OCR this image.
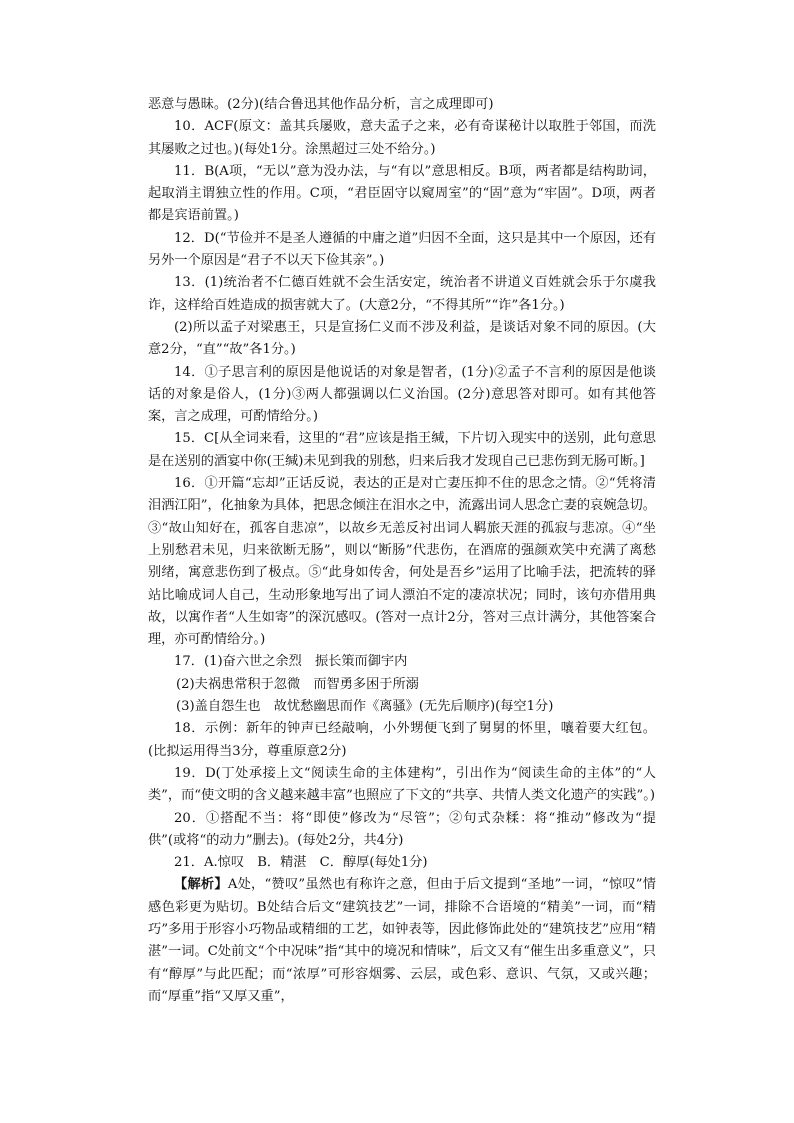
恶意与愚昧。(2分)(结合鲁迅其他作品分析，言之成理即可)

10．ACF(原文：盖其兵屡败，意夫孟子之来，必有奇谋秘计以取胜于邻国，而洗其屡败之过也。)(每处1分。涂黑超过三处不给分。)

11．B(A项，“无以”意为没办法，与“有以”意思相反。B项，两者都是结构助词，起取消主谓独立性的作用。C项，“君臣固守以窥周室”的“固”意为“牢固”。D项，两者都是宾语前置。)

12．D(“节俭并不是圣人遵循的中庸之道”归因不全面，这只是其中一个原因，还有另外一个原因是“君子不以天下俭其亲”。)

13．(1)统治者不仁德百姓就不会生活安定，统治者不讲道义百姓就会乐于尔虞我诈，这样给百姓造成的损害就大了。(大意2分，“不得其所”“诈”各1分。)

(2)所以孟子对梁惠王，只是宣扬仁义而不涉及利益，是谈话对象不同的原因。(大意2分，“直”“故”各1分。)

14．①子思言利的原因是他说话的对象是智者，(1分)②孟子不言利的原因是他谈话的对象是俗人，(1分)③两人都强调以仁义治国。(2分)意思答对即可。如有其他答案，言之成理，可酌情给分。)

15．C[从全词来看，这里的“君”应该是指王缄，下片切入现实中的送别，此句意思是在送别的酒宴中你(王缄)未见到我的别愁，归来后我才发现自己已悲伤到无肠可断。]

16．①开篇“忘却”正话反说，表达的正是对亡妻压抑不住的思念之情。②“凭将清泪洒江阳”，化抽象为具体，把思念倾注在泪水之中，流露出词人思念亡妻的哀婉急切。③“故山知好在，孤客自悲凉”，以故乡无恙反衬出词人羁旅天涯的孤寂与悲凉。④“坐上别愁君未见，归来欲断无肠”，则以“断肠”代悲伤，在酒席的强颜欢笑中充满了离愁别绪，寓意悲伤到了极点。⑤“此身如传舍，何处是吾乡”运用了比喻手法，把流转的驿站比喻成词人自己，生动形象地写出了词人漂泊不定的凄凉状况；同时，该句亦借用典故，以寓作者“人生如寄”的深沉感叹。(答对一点计2分，答对三点计满分，其他答案合理，亦可酌情给分。)

17．(1)奋六世之余烈　振长策而御宇内

(2)夫祸患常积于忽微　而智勇多困于所溺

(3)盖自怨生也　故忧愁幽思而作《离骚》(无先后顺序)(每空1分)

18．示例：新年的钟声已经敲响，小外甥便飞到了舅舅的怀里，嚷着要大红包。(比拟运用得当3分，尊重原意2分)

19．D(丁处承接上文“阅读生命的主体建构”，引出作为“阅读生命的主体”的“人类”，而“使文明的含义越来越丰富”也照应了下文的“共享、共情人类文化遗产的实践”。)

20．①搭配不当：将“即使”修改为“尽管”；②句式杂糅：将“推动”修改为“提供”(或将“的动力”删去)。(每处2分，共4分)

21．A.惊叹　B．精湛　C．醇厚(每处1分)

【解析】A处，“赞叹”虽然也有称许之意，但由于后文提到“圣地”一词，“惊叹”情感色彩更为贴切。B处结合后文“建筑技艺”一词，排除不合语境的“精美”一词，而“精巧”多用于形容小巧物品或精细的工艺，如钟表等，因此修饰此处的“建筑技艺”应用“精湛”一词。C处前文“个中况味”指“其中的境况和情味”，后文又有“催生出多重意义”，只有“醇厚”与此匹配；而“浓厚”可形容烟雾、云层，或色彩、意识、气氛，又或兴趣；而“厚重”指“又厚又重”，
